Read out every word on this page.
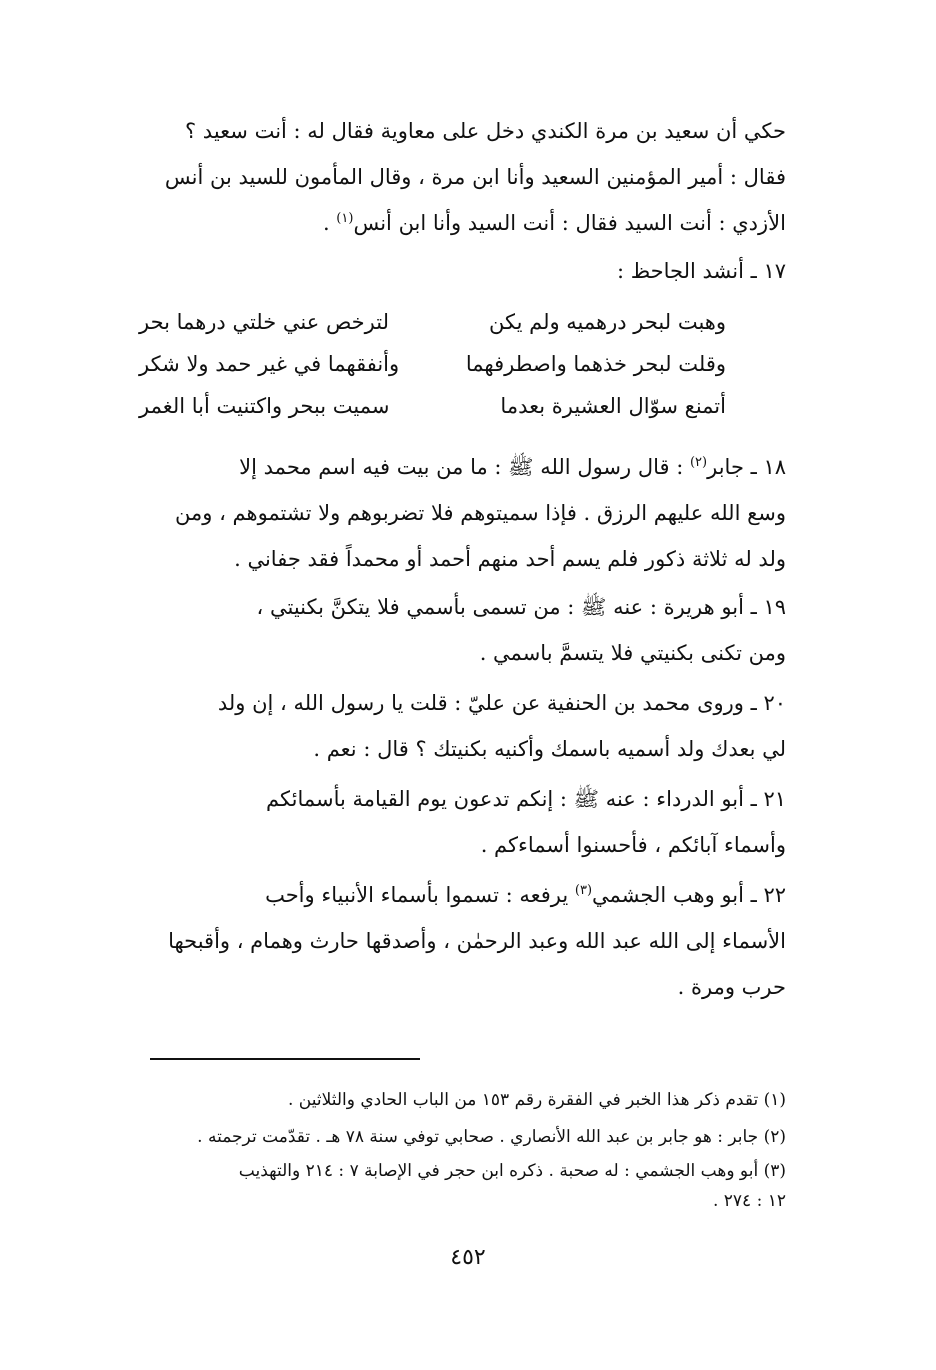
حكي أن سعيد بن مرة الكندي دخل على معاوية فقال له : أنت سعيد ؟
فقال : أمير المؤمنين السعيد وأنا ابن مرة ، وقال المأمون للسيد بن أنس
الأزدي : أنت السيد فقال : أنت السيد وأنا ابن أنس$^{(١)}$ .
١٧ ـ أنشد الجاحظ :
وهبت لبحر درهميه ولم يكن
لترخص عني خلتي درهما بحر
وقلت لبحر خذهما واصطرفهما
وأنفقهما في غير حمد ولا شكر
أتمنع سوّال العشيرة بعدما
سميت ببحر واكتنيت أبا الغمر
١٨ ـ جابر$^{(٢)}$ : قال رسول الله ﷺ : ما من بيت فيه اسم محمد إلا
وسع الله عليهم الرزق . فإذا سميتوهم فلا تضربوهم ولا تشتموهم ، ومن
ولد له ثلاثة ذكور فلم يسم أحد منهم أحمد أو محمداً فقد جفاني .
١٩ ـ أبو هريرة : عنه ﷺ : من تسمى بأسمي فلا يتكنَّ بكنيتي ،
ومن تكنى بكنيتي فلا يتسمَّ باسمي .
٢٠ ـ وروى محمد بن الحنفية عن عليّ : قلت يا رسول الله ، إن ولد
لي بعدك ولد أسميه باسمك وأكنيه بكنيتك ؟ قال : نعم .
٢١ ـ أبو الدرداء : عنه ﷺ : إنكم تدعون يوم القيامة بأسمائكم
وأسماء آبائكم ، فأحسنوا أسماءكم .
٢٢ ـ أبو وهب الجشمي$^{(٣)}$ يرفعه : تسموا بأسماء الأنبياء وأحب
الأسماء إلى الله عبد الله وعبد الرحمٰن ، وأصدقها حارث وهمام ، وأقبحها
حرب ومرة .
(١) تقدم ذكر هذا الخبر في الفقرة رقم ١٥٣ من الباب الحادي والثلاثين .
(٢) جابر : هو جابر بن عبد الله الأنصاري . صحابي توفي سنة ٧٨ هـ . تقدّمت ترجمته .
(٣) أبو وهب الجشمي : له صحبة . ذكره ابن حجر في الإصابة ٧ : ٢١٤ والتهذيب
١٢ : ٢٧٤ .
٤٥٢
